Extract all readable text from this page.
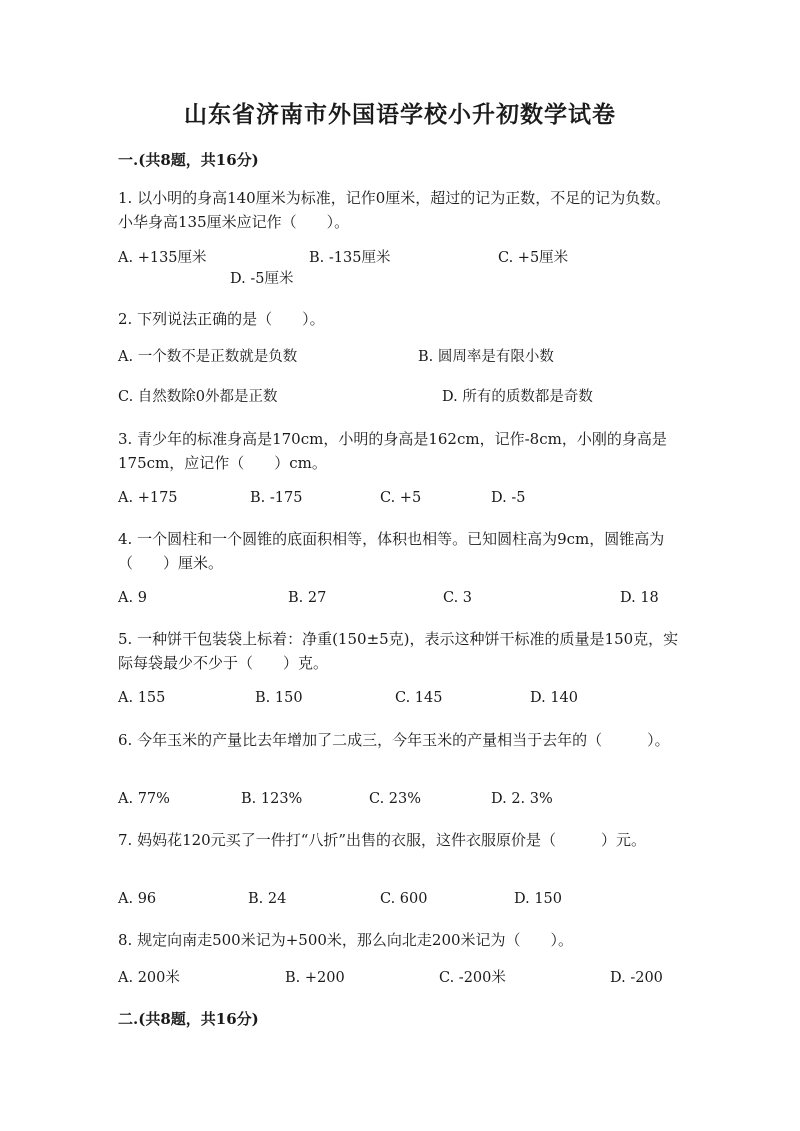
山东省济南市外国语学校小升初数学试卷
一.(共8题，共16分)
1. 以小明的身高140厘米为标准，记作0厘米，超过的记为正数，不足的记为负数。小华身高135厘米应记作（　　）。
A. +135厘米	B. -135厘米	C. +5厘米
D. -5厘米
2. 下列说法正确的是（　　）。
A. 一个数不是正数就是负数	B. 圆周率是有限小数
C. 自然数除0外都是正数	D. 所有的质数都是奇数
3. 青少年的标准身高是170cm，小明的身高是162cm，记作-8cm，小刚的身高是175cm，应记作（　　）cm。
A. +175	B. -175	C. +5	D. -5
4. 一个圆柱和一个圆锥的底面积相等，体积也相等。已知圆柱高为9cm，圆锥高为（　　）厘米。
A. 9	B. 27	C. 3	D. 18
5. 一种饼干包装袋上标着：净重(150±5克)，表示这种饼干标准的质量是150克，实际每袋最少不少于（　　）克。
A. 155	B. 150	C. 145	D. 140
6. 今年玉米的产量比去年增加了二成三，今年玉米的产量相当于去年的（　　　）。
A. 77%	B. 123%	C. 23%	D. 2. 3%
7. 妈妈花120元买了一件打“八折”出售的衣服，这件衣服原价是（　　　）元。
A. 96	B. 24	C. 600	D. 150
8. 规定向南走500米记为+500米，那么向北走200米记为（　　）。
A. 200米	B. +200	C. -200米	D. -200
二.(共8题，共16分)
